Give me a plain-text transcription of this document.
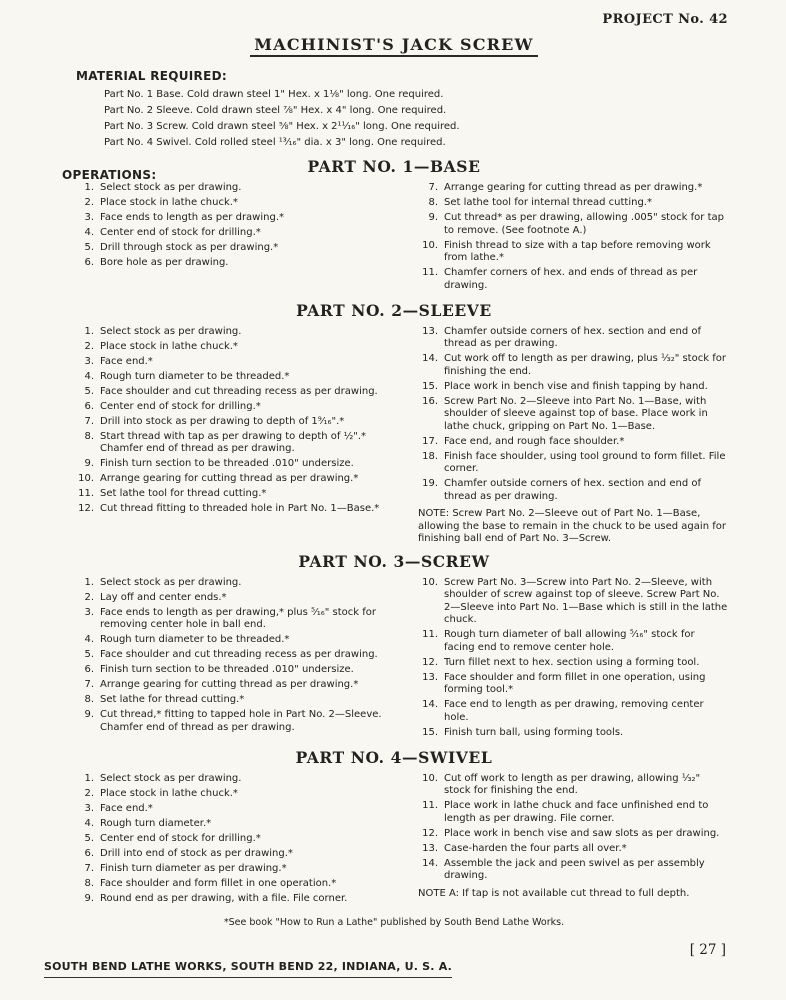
PROJECT No. 42
MACHINIST'S JACK SCREW
MATERIAL REQUIRED:
Part No. 1 Base. Cold drawn steel 1" Hex. x 1⅛" long. One required.
Part No. 2 Sleeve. Cold drawn steel ⅞" Hex. x 4" long. One required.
Part No. 3 Screw. Cold drawn steel ⅝" Hex. x 2¹¹⁄₁₆" long. One required.
Part No. 4 Swivel. Cold rolled steel ¹³⁄₁₆" dia. x 3" long. One required.
OPERATIONS:	PART NO. 1—BASE
1. Select stock as per drawing.
2. Place stock in lathe chuck.*
3. Face ends to length as per drawing.*
4. Center end of stock for drilling.*
5. Drill through stock as per drawing.*
6. Bore hole as per drawing.
7. Arrange gearing for cutting thread as per drawing.*
8. Set lathe tool for internal thread cutting.*
9. Cut thread* as per drawing, allowing .005" stock for tap to remove. (See footnote A.)
10. Finish thread to size with a tap before removing work from lathe.*
11. Chamfer corners of hex. and ends of thread as per drawing.
PART NO. 2—SLEEVE
1. Select stock as per drawing.
2. Place stock in lathe chuck.*
3. Face end.*
4. Rough turn diameter to be threaded.*
5. Face shoulder and cut threading recess as per drawing.
6. Center end of stock for drilling.*
7. Drill into stock as per drawing to depth of 1⁹⁄₁₆".*
8. Start thread with tap as per drawing to depth of ½".* Chamfer end of thread as per drawing.
9. Finish turn section to be threaded .010" undersize.
10. Arrange gearing for cutting thread as per drawing.*
11. Set lathe tool for thread cutting.*
12. Cut thread fitting to threaded hole in Part No. 1—Base.*
13. Chamfer outside corners of hex. section and end of thread as per drawing.
14. Cut work off to length as per drawing, plus ¹⁄₃₂" stock for finishing the end.
15. Place work in bench vise and finish tapping by hand.
16. Screw Part No. 2—Sleeve into Part No. 1—Base, with shoulder of sleeve against top of base. Place work in lathe chuck, gripping on Part No. 1—Base.
17. Face end, and rough face shoulder.*
18. Finish face shoulder, using tool ground to form fillet. File corner.
19. Chamfer outside corners of hex. section and end of thread as per drawing.

NOTE: Screw Part No. 2—Sleeve out of Part No. 1—Base, allowing the base to remain in the chuck to be used again for finishing ball end of Part No. 3—Screw.

PART NO. 3—SCREW
1. Select stock as per drawing.
2. Lay off and center ends.*
3. Face ends to length as per drawing,* plus ⁵⁄₁₆" stock for removing center hole in ball end.
4. Rough turn diameter to be threaded.*
5. Face shoulder and cut threading recess as per drawing.
6. Finish turn section to be threaded .010" undersize.
7. Arrange gearing for cutting thread as per drawing.*
8. Set lathe for thread cutting.*
9. Cut thread,* fitting to tapped hole in Part No. 2—Sleeve. Chamfer end of thread as per drawing.
10. Screw Part No. 3—Screw into Part No. 2—Sleeve, with shoulder of screw against top of sleeve. Screw Part No. 2—Sleeve into Part No. 1—Base which is still in the lathe chuck.
11. Rough turn diameter of ball allowing ⁵⁄₁₆" stock for facing end to remove center hole.
12. Turn fillet next to hex. section using a forming tool.
13. Face shoulder and form fillet in one operation, using forming tool.*
14. Face end to length as per drawing, removing center hole.
15. Finish turn ball, using forming tools.
PART NO. 4—SWIVEL
1. Select stock as per drawing.
2. Place stock in lathe chuck.*
3. Face end.*
4. Rough turn diameter.*
5. Center end of stock for drilling.*
6. Drill into end of stock as per drawing.*
7. Finish turn diameter as per drawing.*
8. Face shoulder and form fillet in one operation.*
9. Round end as per drawing, with a file. File corner.
10. Cut off work to length as per drawing, allowing ¹⁄₃₂" stock for finishing the end.
11. Place work in lathe chuck and face unfinished end to length as per drawing. File corner.
12. Place work in bench vise and saw slots as per drawing.
13. Case-harden the four parts all over.*
14. Assemble the jack and peen swivel as per assembly drawing.

NOTE A: If tap is not available cut thread to full depth.

*See book "How to Run a Lathe" published by South Bend Lathe Works.
SOUTH BEND LATHE WORKS, SOUTH BEND 22, INDIANA, U. S. A.
[ 27 ]
